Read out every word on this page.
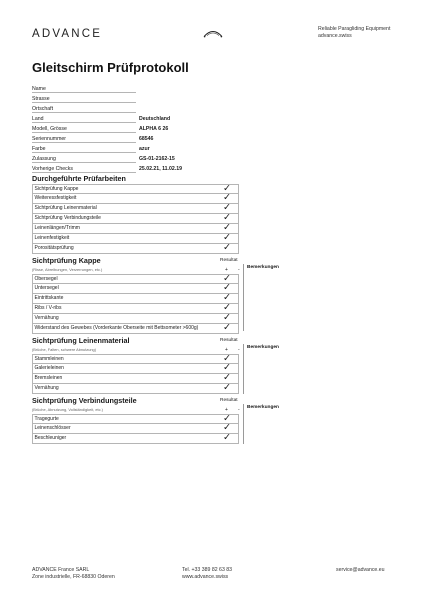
ADVANCE	Reliable Paragliding Equipment
advance.swiss
Gleitschirm Prüfprotokoll
Name
Strasse
Ortschaft
Land	Deutschland
Modell, Grösse	ALPHA 6 26
Seriennummer	68546
Farbe	azur
Zulassung	GS-01-2162-15
Vorherige Checks	25.02.21, 11.02.19
Durchgeführte Prüfarbeiten
Sichtprüfung Kappe	✓
Weiteressfestigkeit	✓
Sichtprüfung Leinenmaterial	✓
Sichtprüfung Verbindungsteile	✓
Leinenlängen/Trimm	✓
Leinenfestigkeit	✓
Porositätsprüfung	✓
Sichtprüfung Kappe
(Risse, Abreibungen, Verzerrungen, etc.)
Resultat
+ - Bemerkungen
Obersegel	✓
Untersegel	✓
Eintrittskante	✓
Ribs / V-ribs	✓
Vernähung	✓
Widerstand des Gewebes (Vorderkante Oberseite mit Bettsometer >600g)	✓
Sichtprüfung Leinenmaterial
(Brüche, Falten, schwere Abnutzung)
Resultat
+ - Bemerkungen
Stammleinen	✓
Galerieleinen	✓
Bremsleinen	✓
Vernähung	✓
Sichtprüfung Verbindungsteile
(Brüche, Abnutzung, Vollständigkeit, etc.)
Resultat
+ - Bemerkungen
Tragegurte	✓
Leinenschlösser	✓
Beschleuniger	✓
ADVANCE France SARL
Zone industrielle, FR-68830 Oderen
Tel. +33 389 82 63 83
www.advance.swiss
service@advance.eu
